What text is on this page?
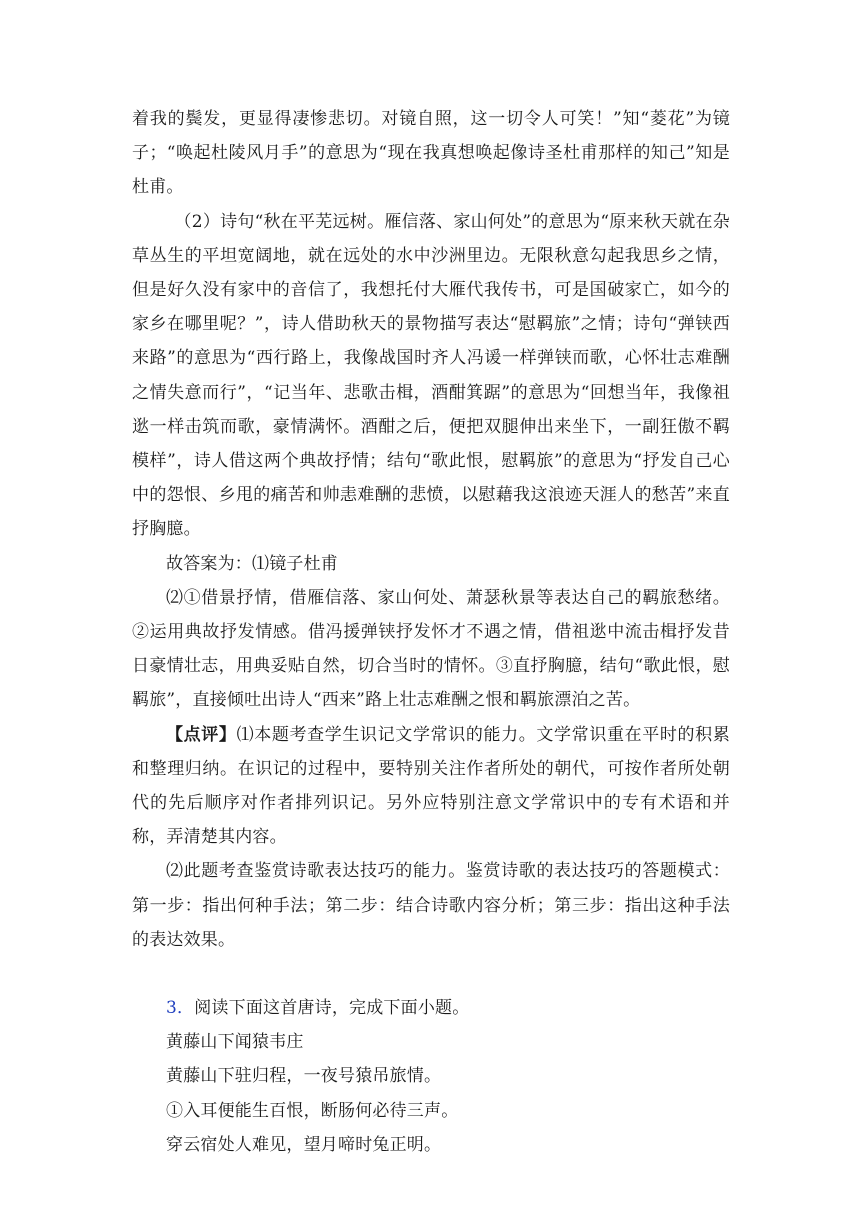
着我的鬓发，更显得凄惨悲切。对镜自照，这一切令人可笑！”知“菱花”为镜子；“唤起杜陵风月手”的意思为“现在我真想唤起像诗圣杜甫那样的知己”知是杜甫。

（2）诗句“秋在平芜远树。雁信落、家山何处”的意思为“原来秋天就在杂草丛生的平坦宽阔地，就在远处的水中沙洲里边。无限秋意勾起我思乡之情，但是好久没有家中的音信了，我想托付大雁代我传书，可是国破家亡，如今的家乡在哪里呢？”，诗人借助秋天的景物描写表达“慰羁旅”之情；诗句“弹铗西来路”的意思为“西行路上，我像战国时齐人冯谖一样弹铗而歌，心怀壮志难酬之情失意而行”，“记当年、悲歌击楫，酒酣箕踞”的意思为“回想当年，我像祖逖一样击筑而歌，豪情满怀。酒酣之后，便把双腿伸出来坐下，一副狂傲不羁模样”，诗人借这两个典故抒情；结句“歌此恨，慰羁旅”的意思为“抒发自己心中的怨恨、乡甩的痛苦和帅恚难酬的悲愤，以慰藉我这浪迹天涯人的愁苦”来直抒胸臆。

故答案为：⑴镜子杜甫

⑵①借景抒情，借雁信落、家山何处、萧瑟秋景等表达自己的羁旅愁绪。②运用典故抒发情感。借冯援弹铗抒发怀才不遇之情，借祖逖中流击楫抒发昔日豪情壮志，用典妥贴自然，切合当时的情怀。③直抒胸臆，结句“歌此恨，慰羁旅”，直接倾吐出诗人“西来”路上壮志难酬之恨和羁旅漂泊之苦。

【点评】⑴本题考查学生识记文学常识的能力。文学常识重在平时的积累和整理归纳。在识记的过程中，要特别关注作者所处的朝代，可按作者所处朝代的先后顺序对作者排列识记。另外应特别注意文学常识中的专有术语和并称，弄清楚其内容。

⑵此题考查鉴赏诗歌表达技巧的能力。鉴赏诗歌的表达技巧的答题模式：第一步：指出何种手法；第二步：结合诗歌内容分析；第三步：指出这种手法的表达效果。

3．阅读下面这首唐诗，完成下面小题。

黄藤山下闻猿韦庄

黄藤山下驻归程，一夜号猿吊旅情。

①入耳便能生百恨，断肠何必待三声。

穿云宿处人难见，望月啼时兔正明。
